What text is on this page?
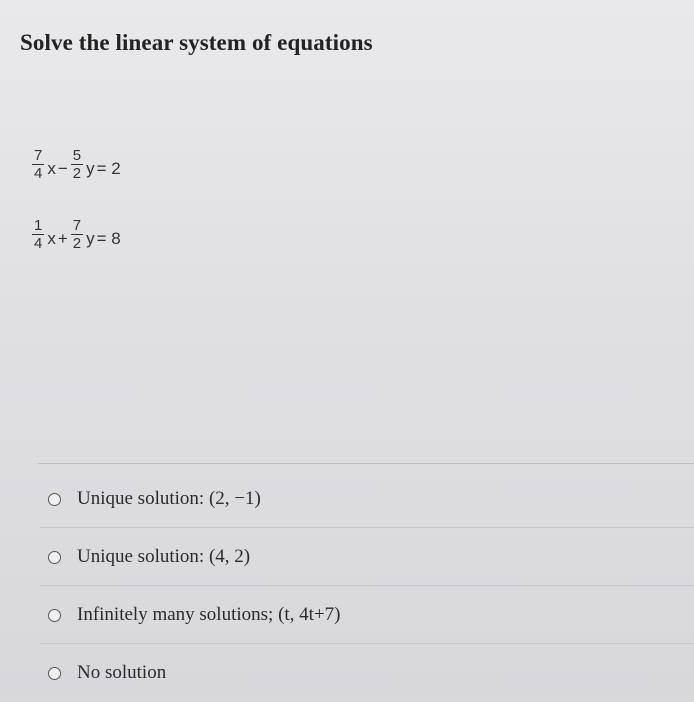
Solve the linear system of equations
$\frac{7}{4}$ $x - \frac{5}{2}$ y = 2
$\frac{1}{4}$ $x + \frac{7}{2}$ y = 8
Unique solution: (2, −1)
Unique solution: (4, 2)
Infinitely many solutions; (t, 4t+7)
No solution
